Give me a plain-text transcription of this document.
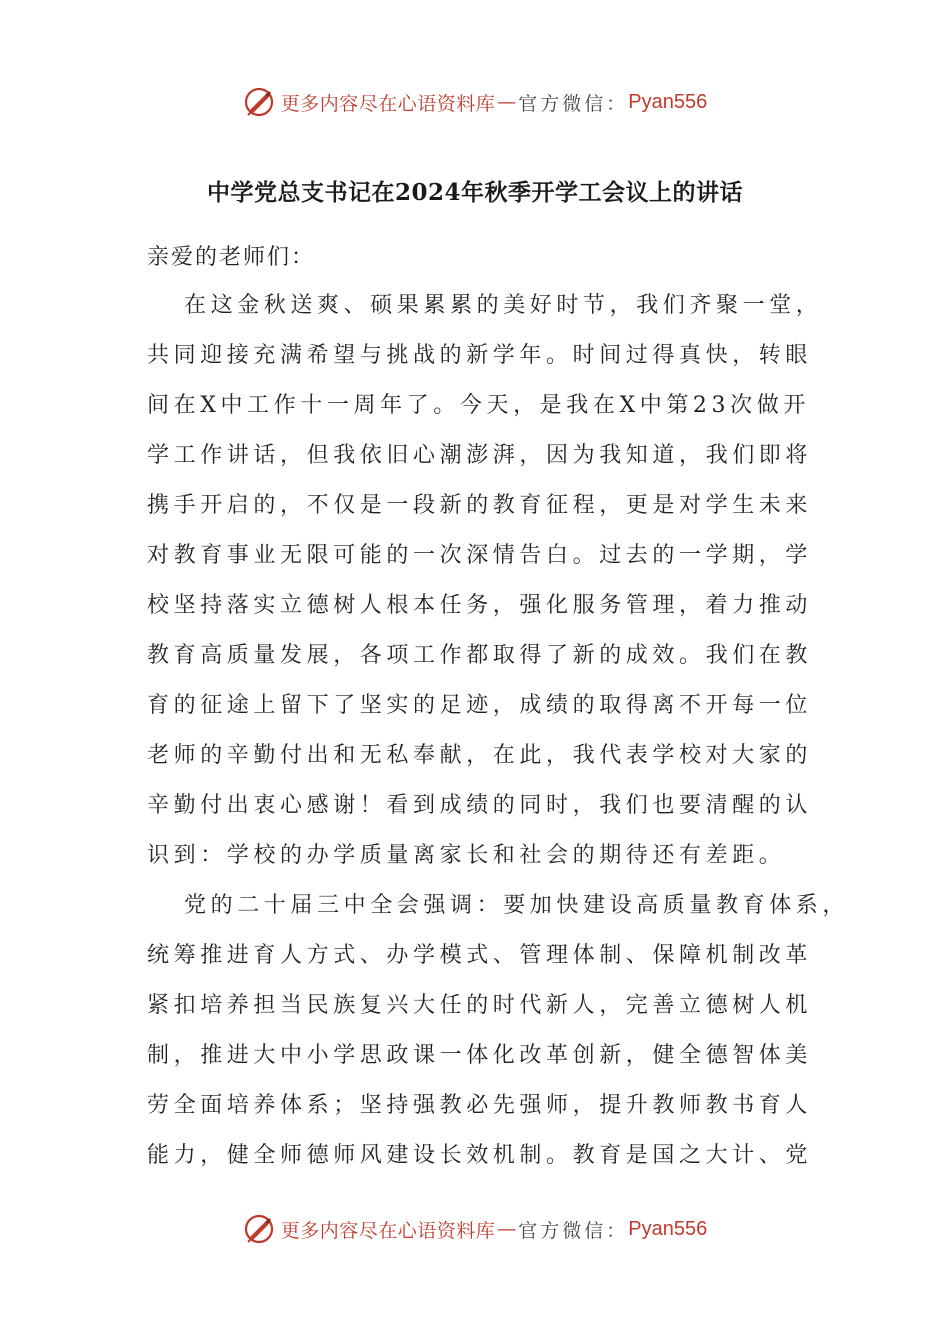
更多内容尽在心语资料库 — 官方微信： Pyan556
中学党总支书记在2024年秋季开学工会议上的讲话
亲爱的老师们：
在这金秋送爽、硕果累累的美好时节，我们齐聚一堂，
共同迎接充满希望与挑战的新学年。时间过得真快，转眼
间在X中工作十一周年了。今天，是我在X中第23次做开
学工作讲话，但我依旧心潮澎湃，因为我知道，我们即将
携手开启的，不仅是一段新的教育征程，更是对学生未来
对教育事业无限可能的一次深情告白。过去的一学期，学
校坚持落实立德树人根本任务，强化服务管理，着力推动
教育高质量发展，各项工作都取得了新的成效。我们在教
育的征途上留下了坚实的足迹，成绩的取得离不开每一位
老师的辛勤付出和无私奉献，在此，我代表学校对大家的
辛勤付出衷心感谢！看到成绩的同时，我们也要清醒的认
识到：学校的办学质量离家长和社会的期待还有差距。
党的二十届三中全会强调：要加快建设高质量教育体系，
统筹推进育人方式、办学模式、管理体制、保障机制改革
紧扣培养担当民族复兴大任的时代新人，完善立德树人机
制，推进大中小学思政课一体化改革创新，健全德智体美
劳全面培养体系；坚持强教必先强师，提升教师教书育人
能力，健全师德师风建设长效机制。教育是国之大计、党
更多内容尽在心语资料库 — 官方微信： Pyan556
